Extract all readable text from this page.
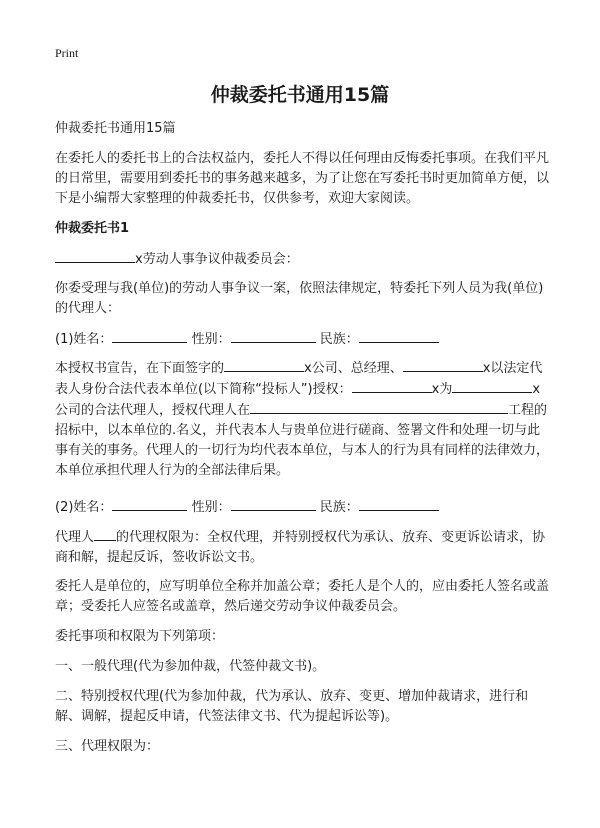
Print
仲裁委托书通用15篇
仲裁委托书通用15篇
在委托人的委托书上的合法权益内，委托人不得以任何理由反悔委托事项。在我们平凡的日常里，需要用到委托书的事务越来越多，为了让您在写委托书时更加简单方便，以下是小编帮大家整理的仲裁委托书，仅供参考，欢迎大家阅读。
仲裁委托书1
x劳动人事争议仲裁委员会：
你委受理与我(单位)的劳动人事争议一案，依照法律规定，特委托下列人员为我(单位)的代理人：
(1)姓名：	性别：	民族：
本授权书宣告，在下面签字的	x公司、总经理、	x以法定代表人身份合法代表本单位(以下简称“投标人”)授权：	x为	x公司的合法代理人，授权代理人在	工程的招标中，以本单位的.名义，并代表本人与贵单位进行磋商、签署文件和处理一切与此事有关的事务。代理人的一切行为均代表本单位，与本人的行为具有同样的法律效力，本单位承担代理人行为的全部法律后果。
(2)姓名：	性别：	民族：
代理人 的代理权限为：全权代理，并特别授权代为承认、放弃、变更诉讼请求，协商和解，提起反诉，签收诉讼文书。
委托人是单位的，应写明单位全称并加盖公章；委托人是个人的，应由委托人签名或盖章；受委托人应签名或盖章，然后递交劳动争议仲裁委员会。
委托事项和权限为下列第项：
一、一般代理(代为参加仲裁，代签仲裁文书)。
二、特别授权代理(代为参加仲裁，代为承认、放弃、变更、增加仲裁请求，进行和解、调解，提起反申请，代签法律文书、代为提起诉讼等)。
三、代理权限为：
